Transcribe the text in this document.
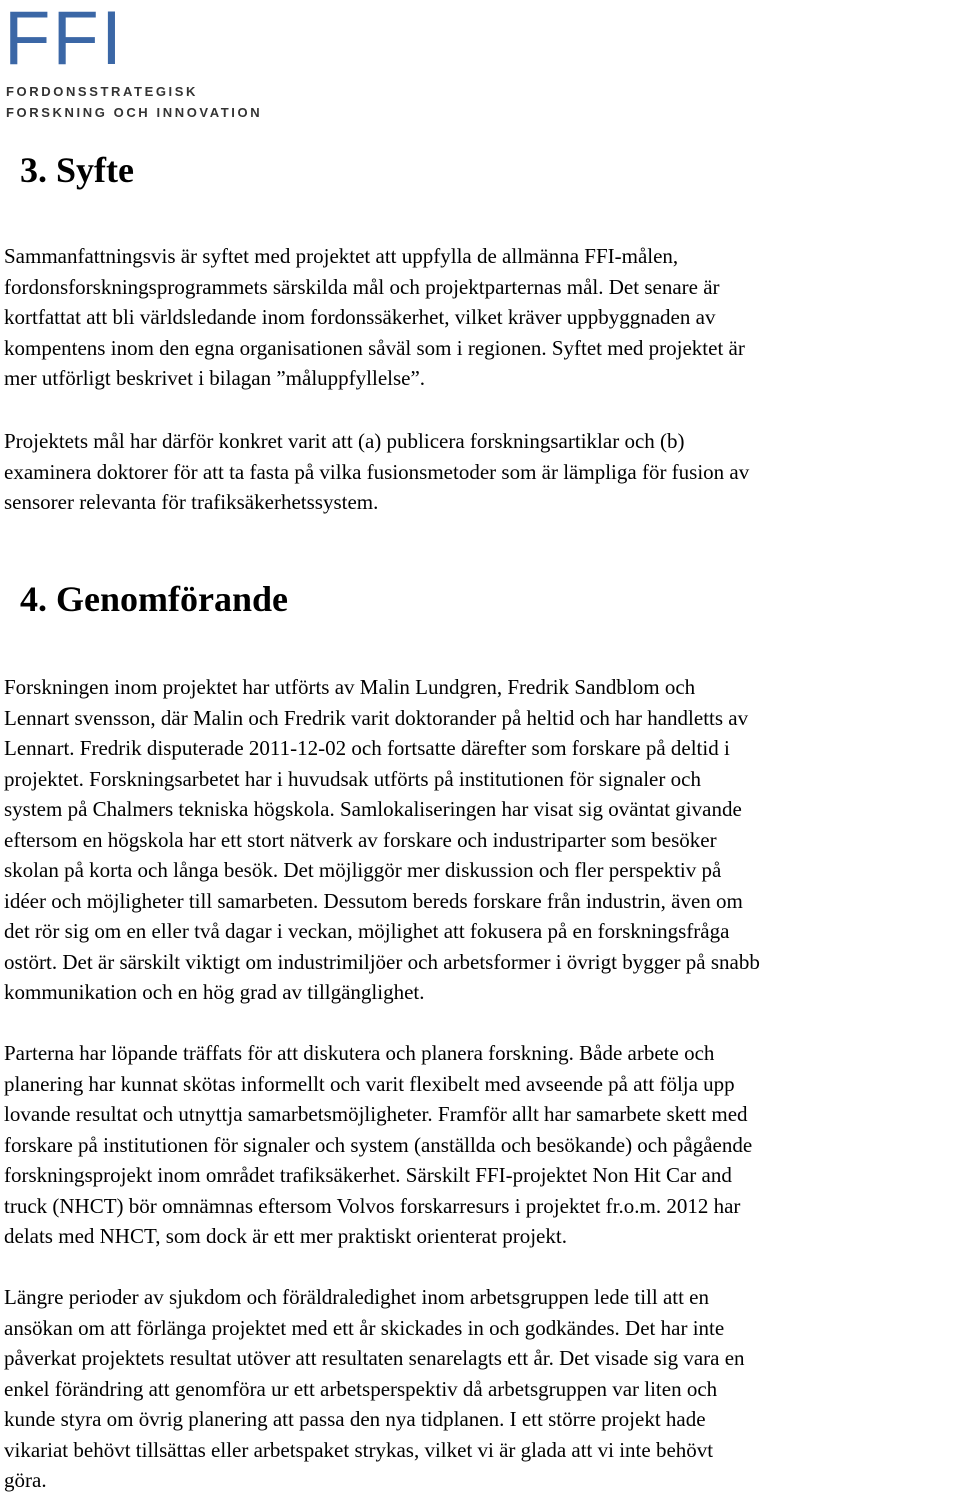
FFI
FORDONSSTRATEGISK
FORSKNING OCH INNOVATION
3. Syfte

Sammanfattningsvis är syftet med projektet att uppfylla de allmänna FFI-målen,
fordonsforskningsprogrammets särskilda mål och projektparternas mål. Det senare är
kortfattat att bli världsledande inom fordonssäkerhet, vilket kräver uppbyggnaden av
kompentens inom den egna organisationen såväl som i regionen. Syftet med projektet är
mer utförligt beskrivet i bilagan ”måluppfyllelse”.

Projektets mål har därför konkret varit att (a) publicera forskningsartiklar och (b)
examinera doktorer för att ta fasta på vilka fusionsmetoder som är lämpliga för fusion av
sensorer relevanta för trafiksäkerhetssystem.

4. Genomförande

Forskningen inom projektet har utförts av Malin Lundgren, Fredrik Sandblom och
Lennart svensson, där Malin och Fredrik varit doktorander på heltid och har handletts av
Lennart. Fredrik disputerade 2011-12-02 och fortsatte därefter som forskare på deltid i
projektet. Forskningsarbetet har i huvudsak utförts på institutionen för signaler och
system på Chalmers tekniska högskola. Samlokaliseringen har visat sig oväntat givande
eftersom en högskola har ett stort nätverk av forskare och industriparter som besöker
skolan på korta och långa besök. Det möjliggör mer diskussion och fler perspektiv på
idéer och möjligheter till samarbeten. Dessutom bereds forskare från industrin, även om
det rör sig om en eller två dagar i veckan, möjlighet att fokusera på en forskningsfråga
ostört. Det är särskilt viktigt om industrimiljöer och arbetsformer i övrigt bygger på snabb
kommunikation och en hög grad av tillgänglighet.

Parterna har löpande träffats för att diskutera och planera forskning. Både arbete och
planering har kunnat skötas informellt och varit flexibelt med avseende på att följa upp
lovande resultat och utnyttja samarbetsmöjligheter. Framför allt har samarbete skett med
forskare på institutionen för signaler och system (anställda och besökande) och pågående
forskningsprojekt inom området trafiksäkerhet. Särskilt FFI-projektet Non Hit Car and
truck (NHCT) bör omnämnas eftersom Volvos forskarresurs i projektet fr.o.m. 2012 har
delats med NHCT, som dock är ett mer praktiskt orienterat projekt.

Längre perioder av sjukdom och föräldraledighet inom arbetsgruppen lede till att en
ansökan om att förlänga projektet med ett år skickades in och godkändes. Det har inte
påverkat projektets resultat utöver att resultaten senarelagts ett år. Det visade sig vara en
enkel förändring att genomföra ur ett arbetsperspektiv då arbetsgruppen var liten och
kunde styra om övrig planering att passa den nya tidplanen. I ett större projekt hade
vikariat behövt tillsättas eller arbetspaket strykas, vilket vi är glada att vi inte behövt
göra.
